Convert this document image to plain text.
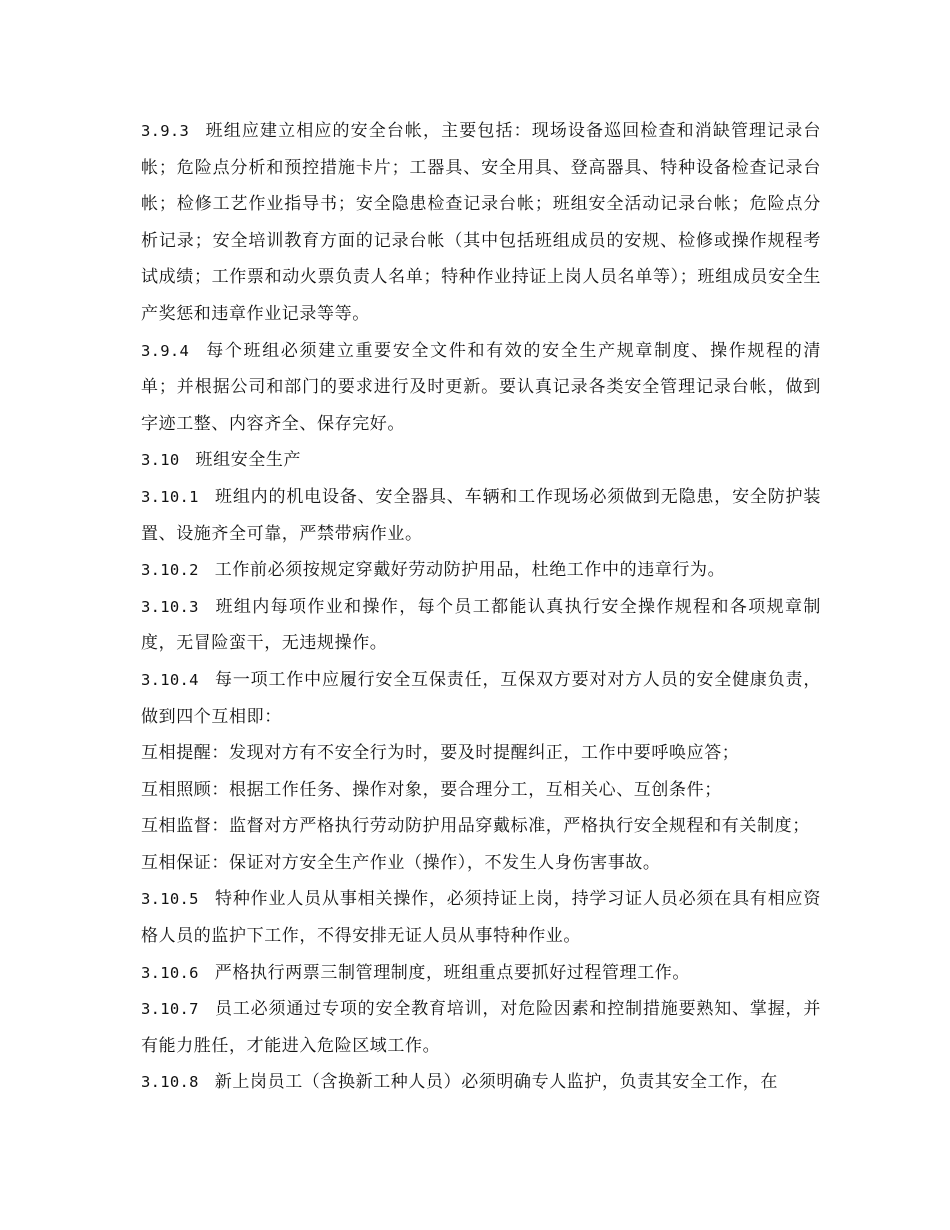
3.9.3 班组应建立相应的安全台帐，主要包括：现场设备巡回检查和消缺管理记录台帐；危险点分析和预控措施卡片；工器具、安全用具、登高器具、特种设备检查记录台帐；检修工艺作业指导书；安全隐患检查记录台帐；班组安全活动记录台帐；危险点分析记录；安全培训教育方面的记录台帐（其中包括班组成员的安规、检修或操作规程考试成绩；工作票和动火票负责人名单；特种作业持证上岗人员名单等）；班组成员安全生产奖惩和违章作业记录等等。

3.9.4 每个班组必须建立重要安全文件和有效的安全生产规章制度、操作规程的清单；并根据公司和部门的要求进行及时更新。要认真记录各类安全管理记录台帐，做到字迹工整、内容齐全、保存完好。

3.10 班组安全生产

3.10.1 班组内的机电设备、安全器具、车辆和工作现场必须做到无隐患，安全防护装置、设施齐全可靠，严禁带病作业。

3.10.2 工作前必须按规定穿戴好劳动防护用品，杜绝工作中的违章行为。

3.10.3 班组内每项作业和操作，每个员工都能认真执行安全操作规程和各项规章制度，无冒险蛮干，无违规操作。

3.10.4 每一项工作中应履行安全互保责任，互保双方要对对方人员的安全健康负责，做到四个互相即：

互相提醒：发现对方有不安全行为时，要及时提醒纠正，工作中要呼唤应答；

互相照顾：根据工作任务、操作对象，要合理分工，互相关心、互创条件；

互相监督：监督对方严格执行劳动防护用品穿戴标准，严格执行安全规程和有关制度；

互相保证：保证对方安全生产作业（操作），不发生人身伤害事故。

3.10.5 特种作业人员从事相关操作，必须持证上岗，持学习证人员必须在具有相应资格人员的监护下工作，不得安排无证人员从事特种作业。

3.10.6 严格执行两票三制管理制度，班组重点要抓好过程管理工作。

3.10.7 员工必须通过专项的安全教育培训，对危险因素和控制措施要熟知、掌握，并有能力胜任，才能进入危险区域工作。

3.10.8 新上岗员工（含换新工种人员）必须明确专人监护，负责其安全工作，在
